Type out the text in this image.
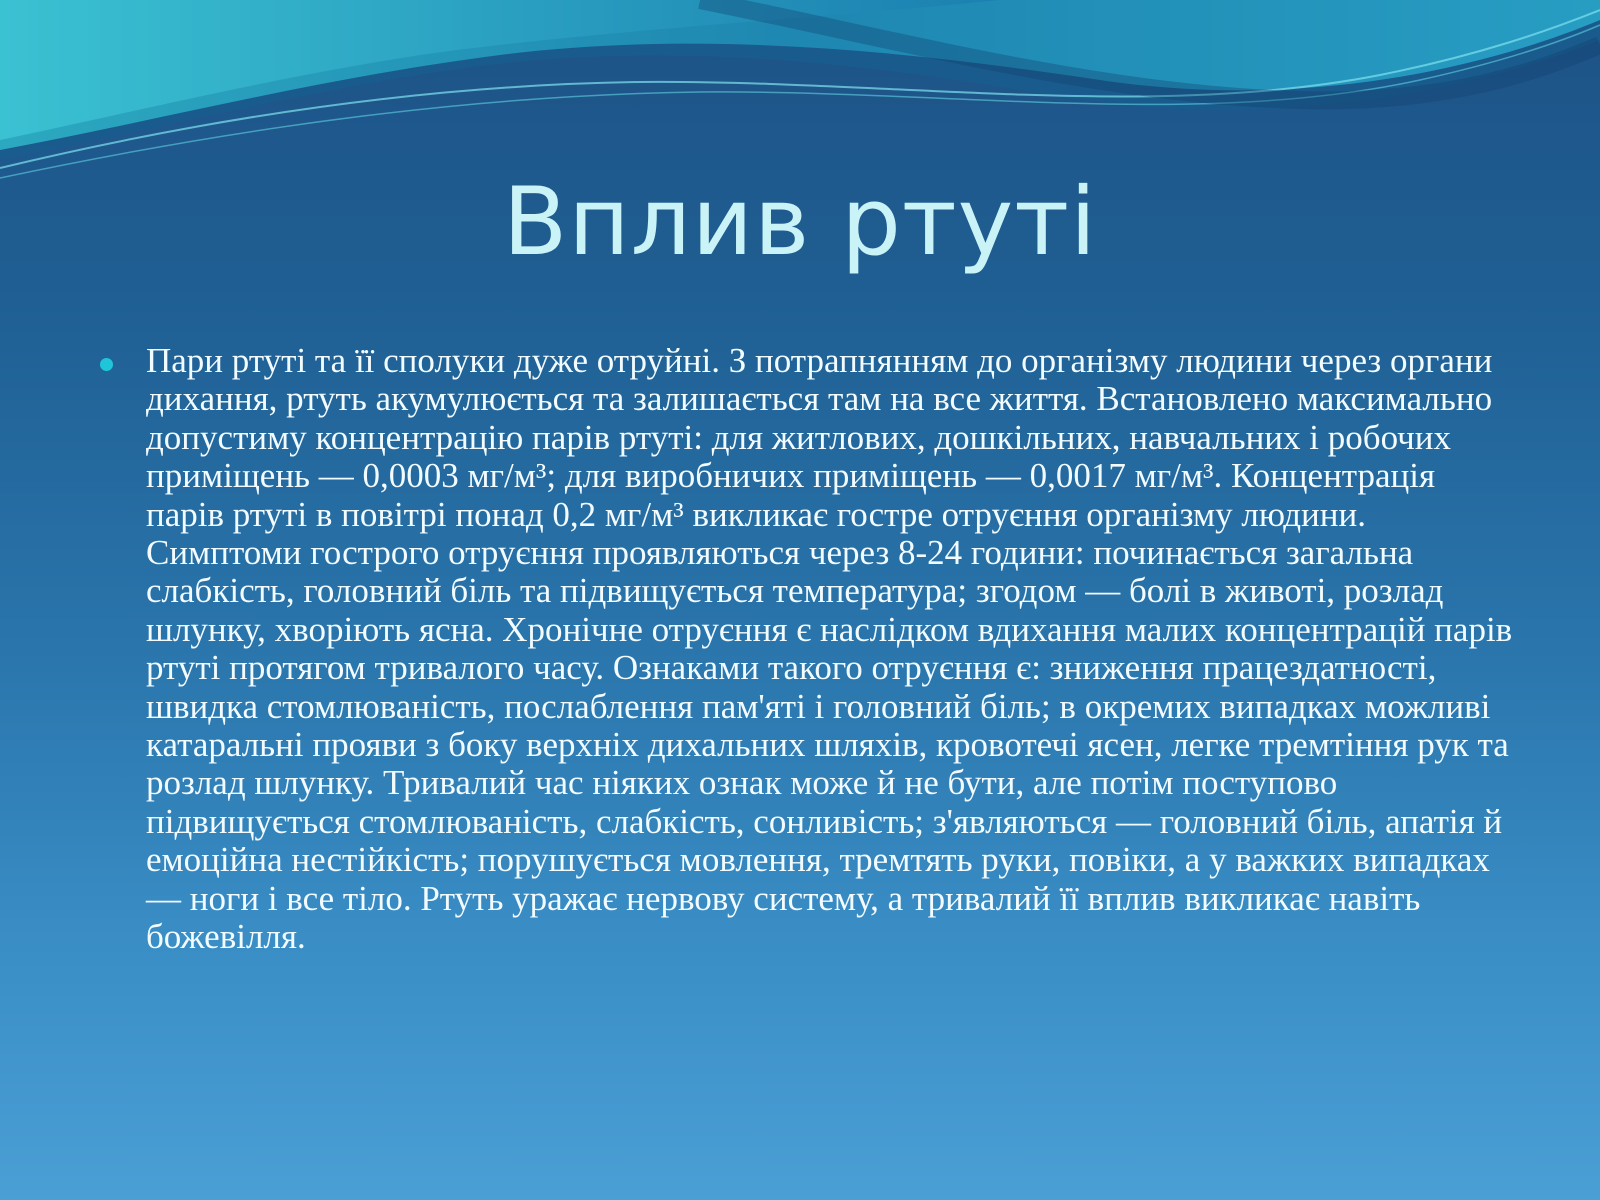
Вплив ртуті

Пари ртуті та її сполуки дуже отруйні. З потрапнянням до організму людини через органи дихання, ртуть акумулюється та залишається там на все життя. Встановлено максимально допустиму концентрацію парів ртуті: для житлових, дошкільних, навчальних і робочих приміщень — 0,0003 мг/м³; для виробничих приміщень — 0,0017 мг/м³. Концентрація парів ртуті в повітрі понад 0,2 мг/м³ викликає гостре отруєння організму людини. Симптоми гострого отруєння проявляються через 8-24 години: починається загальна слабкість, головний біль та підвищується температура; згодом — болі в животі, розлад шлунку, хворіють ясна. Хронічне отруєння є наслідком вдихання малих концентрацій парів ртуті протягом тривалого часу. Ознаками такого отруєння є: зниження працездатності, швидка стомлюваність, послаблення пам'яті і головний біль; в окремих випадках можливі катаральні прояви з боку верхніх дихальних шляхів, кровотечі ясен, легке тремтіння рук та розлад шлунку. Тривалий час ніяких ознак може й не бути, але потім поступово підвищується стомлюваність, слабкість, сонливість; з'являються — головний біль, апатія й емоційна нестійкість; порушується мовлення, тремтять руки, повіки, а у важких випадках — ноги і все тіло. Ртуть уражає нервову систему, а тривалий її вплив викликає навіть божевілля.
